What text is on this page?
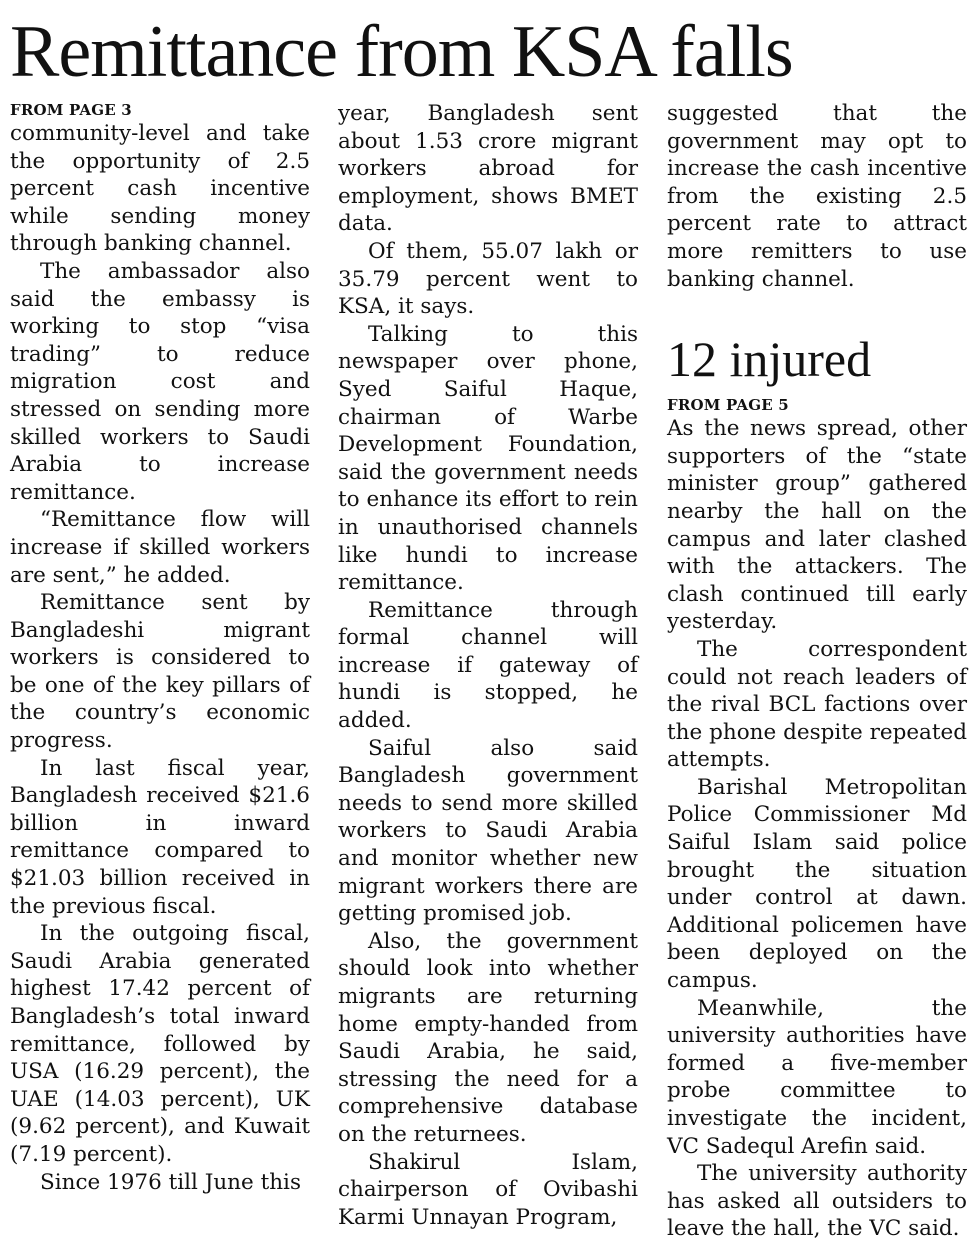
Remittance from KSA falls
FROM PAGE 3

community-level and take the opportunity of 2.5 percent cash incentive while sending money through banking channel.

The ambassador also said the embassy is working to stop “visa trading” to reduce migration cost and stressed on sending more skilled workers to Saudi Arabia to increase remittance.

“Remittance flow will increase if skilled workers are sent,” he added.

Remittance sent by Bangladeshi migrant workers is considered to be one of the key pillars of the country’s economic progress.

In last fiscal year, Bangladesh received $21.6 billion in inward remittance compared to $21.03 billion received in the previous fiscal.

In the outgoing fiscal, Saudi Arabia generated highest 17.42 percent of Bangladesh’s total inward remittance, followed by USA (16.29 percent), the UAE (14.03 percent), UK (9.62 percent), and Kuwait (7.19 percent).

Since 1976 till June this

year, Bangladesh sent about 1.53 crore migrant workers abroad for employment, shows BMET data.

Of them, 55.07 lakh or 35.79 percent went to KSA, it says.

Talking to this newspaper over phone, Syed Saiful Haque, chairman of Warbe Development Foundation, said the government needs to enhance its effort to rein in unauthorised channels like hundi to increase remittance.

Remittance through formal channel will increase if gateway of hundi is stopped, he added.

Saiful also said Bangladesh government needs to send more skilled workers to Saudi Arabia and monitor whether new migrant workers there are getting promised job.

Also, the government should look into whether migrants are returning home empty-handed from Saudi Arabia, he said, stressing the need for a comprehensive database on the returnees.

Shakirul Islam, chairperson of Ovibashi Karmi Unnayan Program,

suggested that the government may opt to increase the cash incentive from the existing 2.5 percent rate to attract more remitters to use banking channel.

12 injured
FROM PAGE 5

As the news spread, other supporters of the “state minister group” gathered nearby the hall on the campus and later clashed with the attackers. The clash continued till early yesterday.

The correspondent could not reach leaders of the rival BCL factions over the phone despite repeated attempts.

Barishal Metropolitan Police Commissioner Md Saiful Islam said police brought the situation under control at dawn. Additional policemen have been deployed on the campus.

Meanwhile, the university authorities have formed a five-member probe committee to investigate the incident, VC Sadequl Arefin said.

The university authority has asked all outsiders to leave the hall, the VC said.
